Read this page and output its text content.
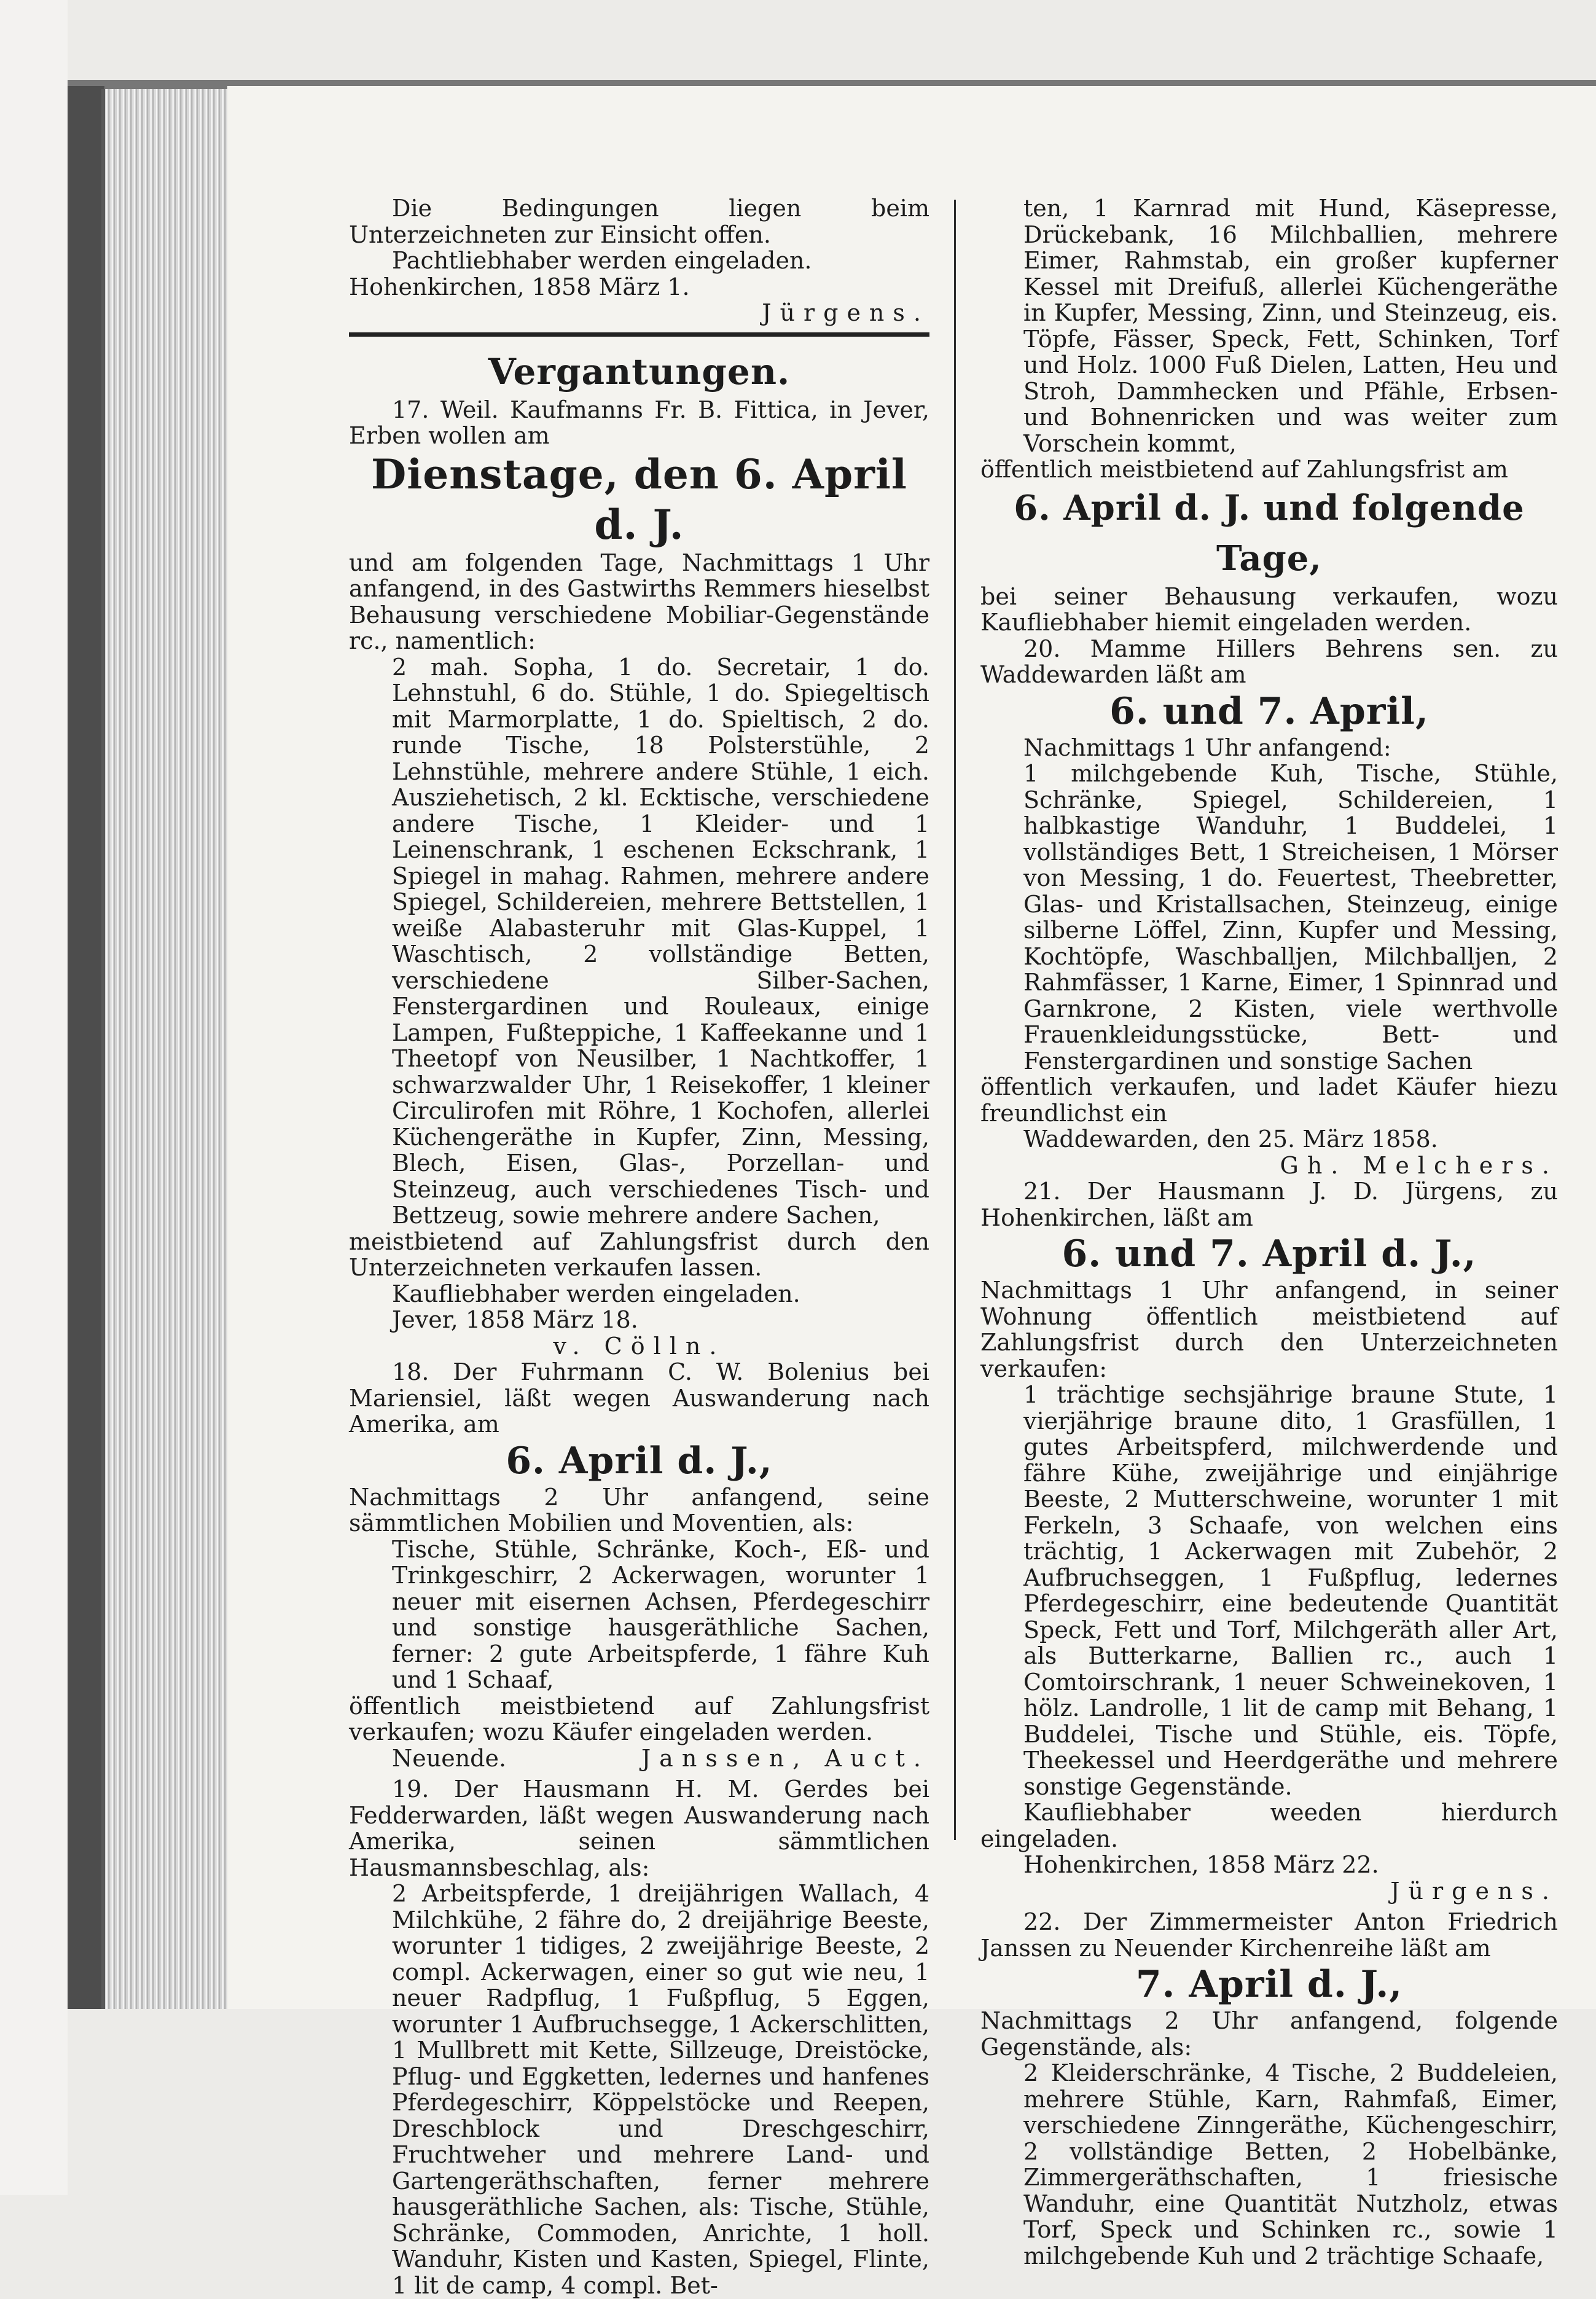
Die Bedingungen liegen beim Unterzeichneten zur Einsicht offen.

Pachtliebhaber werden eingeladen.

Hohenkirchen, 1858 März 1.

Jürgens.

Vergantungen.

17. Weil. Kaufmanns Fr. B. Fittica, in Jever, Erben wollen am

Dienstage, den 6. April d. J.

und am folgenden Tage, Nachmittags 1 Uhr anfangend, in des Gastwirths Remmers hieselbst Behausung verschiedene Mobiliar-Gegenstände rc., namentlich:

2 mah. Sopha, 1 do. Secretair, 1 do. Lehnstuhl, 6 do. Stühle, 1 do. Spiegeltisch mit Marmorplatte, 1 do. Spieltisch, 2 do. runde Tische, 18 Polsterstühle, 2 Lehnstühle, mehrere andere Stühle, 1 eich. Ausziehetisch, 2 kl. Ecktische, verschiedene andere Tische, 1 Kleider- und 1 Leinenschrank, 1 eschenen Eckschrank, 1 Spiegel in mahag. Rahmen, mehrere andere Spiegel, Schildereien, mehrere Bettstellen, 1 weiße Alabasteruhr mit Glas-Kuppel, 1 Waschtisch, 2 vollständige Betten, verschiedene Silber-Sachen, Fenstergardinen und Rouleaux, einige Lampen, Fußteppiche, 1 Kaffeekanne und 1 Theetopf von Neusilber, 1 Nachtkoffer, 1 schwarzwalder Uhr, 1 Reisekoffer, 1 kleiner Circulirofen mit Röhre, 1 Kochofen, allerlei Küchengeräthe in Kupfer, Zinn, Messing, Blech, Eisen, Glas-, Porzellan- und Steinzeug, auch verschiedenes Tisch- und Bettzeug, sowie mehrere andere Sachen,

meistbietend auf Zahlungsfrist durch den Unterzeichneten verkaufen lassen.

Kaufliebhaber werden eingeladen.

Jever, 1858 März 18.

v. Cölln.

18. Der Fuhrmann C. W. Bolenius bei Mariensiel, läßt wegen Auswanderung nach Amerika, am

6. April d. J.,

Nachmittags 2 Uhr anfangend, seine sämmtlichen Mobilien und Moventien, als:

Tische, Stühle, Schränke, Koch-, Eß- und Trinkgeschirr, 2 Ackerwagen, worunter 1 neuer mit eisernen Achsen, Pferdegeschirr und sonstige hausgeräthliche Sachen, ferner: 2 gute Arbeitspferde, 1 fähre Kuh und 1 Schaaf,

öffentlich meistbietend auf Zahlungsfrist verkaufen; wozu Käufer eingeladen werden.

Neuende.	Janssen, Auct.

19. Der Hausmann H. M. Gerdes bei Fedderwarden, läßt wegen Auswanderung nach Amerika, seinen sämmtlichen Hausmannsbeschlag, als:

2 Arbeitspferde, 1 dreijährigen Wallach, 4 Milchkühe, 2 fähre do, 2 dreijährige Beeste, worunter 1 tidiges, 2 zweijährige Beeste, 2 compl. Ackerwagen, einer so gut wie neu, 1 neuer Radpflug, 1 Fußpflug, 5 Eggen, worunter 1 Aufbruchsegge, 1 Ackerschlitten, 1 Mullbrett mit Kette, Sillzeuge, Dreistöcke, Pflug- und Eggketten, ledernes und hanfenes Pferdegeschirr, Köppelstöcke und Reepen, Dreschblock und Dreschgeschirr, Fruchtweher und mehrere Land- und Gartengeräthschaften, ferner mehrere hausgeräthliche Sachen, als: Tische, Stühle, Schränke, Commoden, Anrichte, 1 holl. Wanduhr, Kisten und Kasten, Spiegel, Flinte, 1 lit de camp, 4 compl. Bet-

ten, 1 Karnrad mit Hund, Käsepresse, Drückebank, 16 Milchballien, mehrere Eimer, Rahmstab, ein großer kupferner Kessel mit Dreifuß, allerlei Küchengeräthe in Kupfer, Messing, Zinn, und Steinzeug, eis. Töpfe, Fässer, Speck, Fett, Schinken, Torf und Holz. 1000 Fuß Dielen, Latten, Heu und Stroh, Dammhecken und Pfähle, Erbsen- und Bohnenricken und was weiter zum Vorschein kommt,

öffentlich meistbietend auf Zahlungsfrist am

6. April d. J. und folgende Tage,

bei seiner Behausung verkaufen, wozu Kaufliebhaber hiemit eingeladen werden.

20. Mamme Hillers Behrens sen. zu Waddewarden läßt am

6. und 7. April,

Nachmittags 1 Uhr anfangend:

1 milchgebende Kuh, Tische, Stühle, Schränke, Spiegel, Schildereien, 1 halbkastige Wanduhr, 1 Buddelei, 1 vollständiges Bett, 1 Streicheisen, 1 Mörser von Messing, 1 do. Feuertest, Theebretter, Glas- und Kristallsachen, Steinzeug, einige silberne Löffel, Zinn, Kupfer und Messing, Kochtöpfe, Waschballjen, Milchballjen, 2 Rahmfässer, 1 Karne, Eimer, 1 Spinnrad und Garnkrone, 2 Kisten, viele werthvolle Frauenkleidungsstücke, Bett- und Fenstergardinen und sonstige Sachen

öffentlich verkaufen, und ladet Käufer hiezu freundlichst ein

Waddewarden, den 25. März 1858.

Gh. Melchers.

21. Der Hausmann J. D. Jürgens, zu Hohenkirchen, läßt am

6. und 7. April d. J.,

Nachmittags 1 Uhr anfangend, in seiner Wohnung öffentlich meistbietend auf Zahlungsfrist durch den Unterzeichneten verkaufen:

1 trächtige sechsjährige braune Stute, 1 vierjährige braune dito, 1 Grasfüllen, 1 gutes Arbeitspferd, milchwerdende und fähre Kühe, zweijährige und einjährige Beeste, 2 Mutterschweine, worunter 1 mit Ferkeln, 3 Schaafe, von welchen eins trächtig, 1 Ackerwagen mit Zubehör, 2 Aufbruchseggen, 1 Fußpflug, ledernes Pferdegeschirr, eine bedeutende Quantität Speck, Fett und Torf, Milchgeräth aller Art, als Butterkarne, Ballien rc., auch 1 Comtoirschrank, 1 neuer Schweinekoven, 1 hölz. Landrolle, 1 lit de camp mit Behang, 1 Buddelei, Tische und Stühle, eis. Töpfe, Theekessel und Heerdgeräthe und mehrere sonstige Gegenstände.

Kaufliebhaber weeden hierdurch eingeladen.

Hohenkirchen, 1858 März 22.

Jürgens.

22. Der Zimmermeister Anton Friedrich Janssen zu Neuender Kirchenreihe läßt am

7. April d. J.,

Nachmittags 2 Uhr anfangend, folgende Gegenstände, als:

2 Kleiderschränke, 4 Tische, 2 Buddeleien, mehrere Stühle, Karn, Rahmfaß, Eimer, verschiedene Zinngeräthe, Küchengeschirr, 2 vollständige Betten, 2 Hobelbänke, Zimmergeräthschaften, 1 friesische Wanduhr, eine Quantität Nutzholz, etwas Torf, Speck und Schinken rc., sowie 1 milchgebende Kuh und 2 trächtige Schaafe,
